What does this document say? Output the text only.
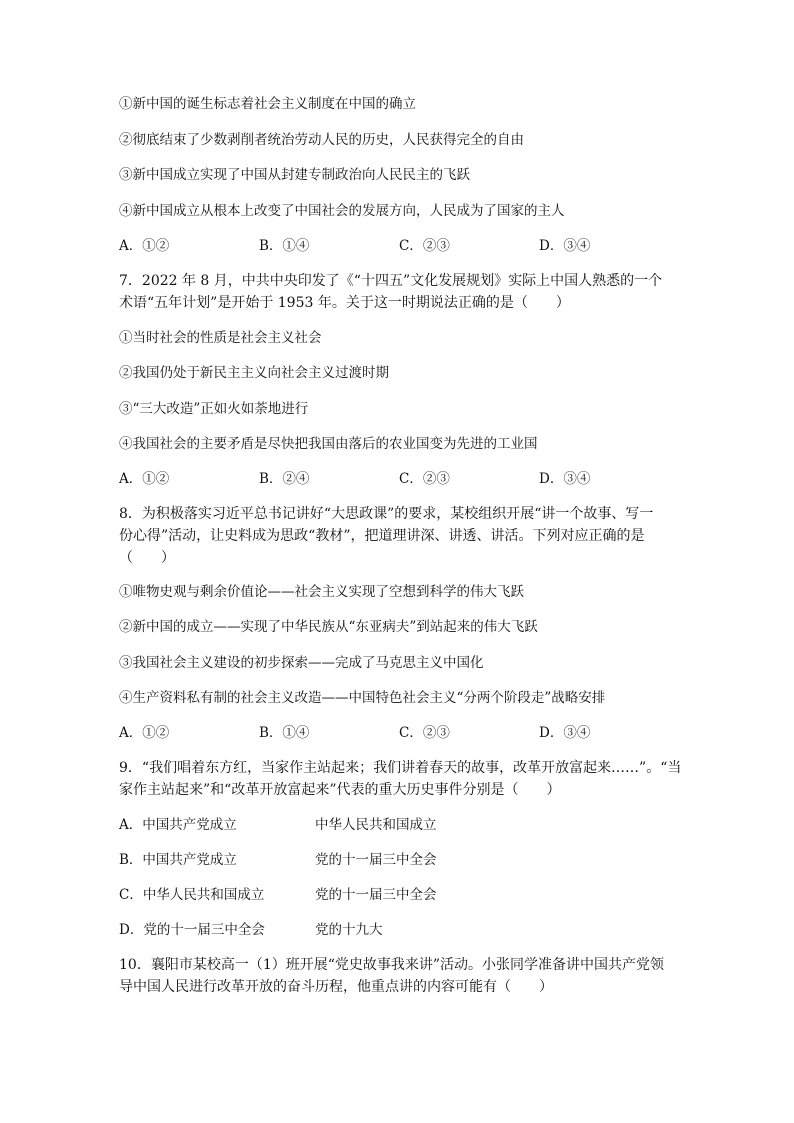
①新中国的诞生标志着社会主义制度在中国的确立
②彻底结束了少数剥削者统治劳动人民的历史，人民获得完全的自由
③新中国成立实现了中国从封建专制政治向人民民主的飞跃
④新中国成立从根本上改变了中国社会的发展方向，人民成为了国家的主人
A．①②	B．①④	C．②③	D．③④
7．2022 年 8 月，中共中央印发了《“十四五”文化发展规划》实际上中国人熟悉的一个
术语“五年计划”是开始于 1953 年。关于这一时期说法正确的是（　　）
①当时社会的性质是社会主义社会
②我国仍处于新民主主义向社会主义过渡时期
③“三大改造”正如火如荼地进行
④我国社会的主要矛盾是尽快把我国由落后的农业国变为先进的工业国
A．①②	B．②④	C．②③	D．③④
8．为积极落实习近平总书记讲好“大思政课”的要求，某校组织开展“讲一个故事、写一
份心得”活动，让史料成为思政“教材”，把道理讲深、讲透、讲活。下列对应正确的是
（　　）
①唯物史观与剩余价值论——社会主义实现了空想到科学的伟大飞跃
②新中国的成立——实现了中华民族从“东亚病夫”到站起来的伟大飞跃
③我国社会主义建设的初步探索——完成了马克思主义中国化
④生产资料私有制的社会主义改造——中国特色社会主义“分两个阶段走”战略安排
A．①②	B．①④	C．②③	D．③④
9．“我们唱着东方红，当家作主站起来；我们讲着春天的故事，改革开放富起来……”。“当
家作主站起来”和“改革开放富起来”代表的重大历史事件分别是（　　）
A．中国共产党成立	中华人民共和国成立
B．中国共产党成立	党的十一届三中全会
C．中华人民共和国成立	党的十一届三中全会
D．党的十一届三中全会	党的十九大
10．襄阳市某校高一（1）班开展“党史故事我来讲”活动。小张同学准备讲中国共产党领
导中国人民进行改革开放的奋斗历程，他重点讲的内容可能有（　　）
